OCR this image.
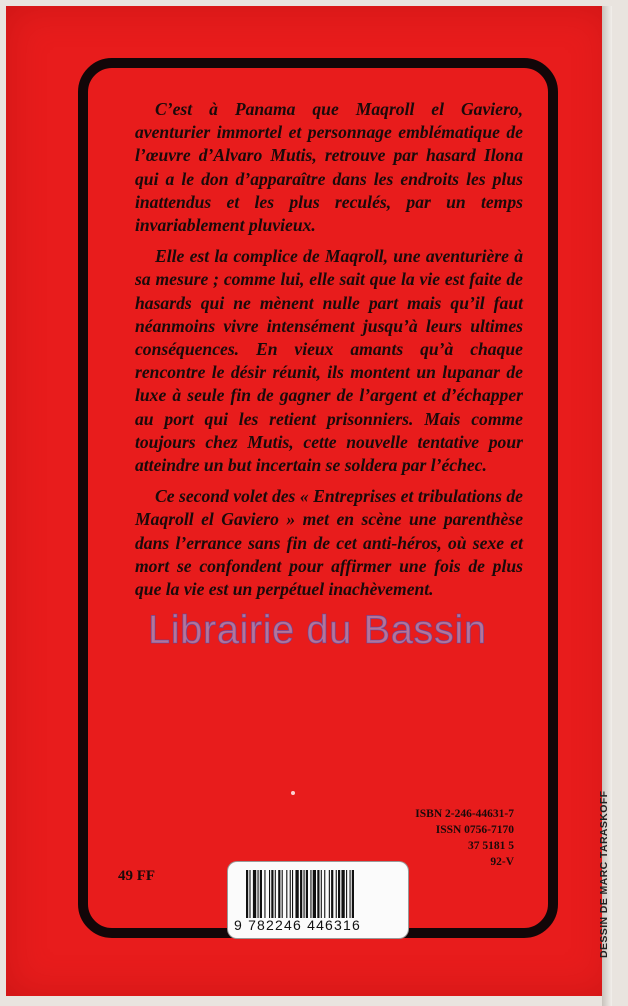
C’est à Panama que Maqroll el Gaviero, aventurier immortel et personnage emblématique de l’œuvre d’Alvaro Mutis, retrouve par hasard Ilona qui a le don d’apparaître dans les endroits les plus inattendus et les plus reculés, par un temps invariablement pluvieux.

Elle est la complice de Maqroll, une aventurière à sa mesure ; comme lui, elle sait que la vie est faite de hasards qui ne mènent nulle part mais qu’il faut néanmoins vivre intensément jusqu’à leurs ultimes conséquences. En vieux amants qu’à chaque rencontre le désir réunit, ils montent un lupanar de luxe à seule fin de gagner de l’argent et d’échapper au port qui les retient prisonniers. Mais comme toujours chez Mutis, cette nouvelle tentative pour atteindre un but incertain se soldera par l’échec.

Ce second volet des « Entreprises et tribulations de Maqroll el Gaviero » met en scène une parenthèse dans l’errance sans fin de cet anti-héros, où sexe et mort se confondent pour affirmer une fois de plus que la vie est un perpétuel inachèvement.

Librairie du Bassin
49 FF
ISBN 2-246-44631-7
ISSN 0756-7170
37 5181 5
92-V
9 782246 446316	DESSIN DE MARC TARASKOFF
